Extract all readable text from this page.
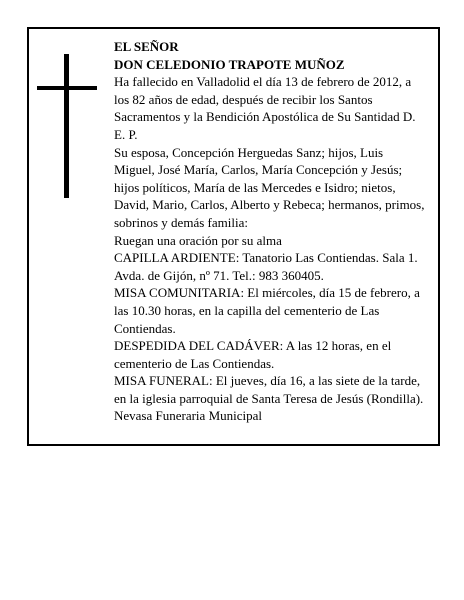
EL SEÑOR

DON CELEDONIO TRAPOTE MUÑOZ

Ha fallecido en Valladolid el día 13 de febrero de 2012, a los 82 años de edad, después de recibir los Santos Sacramentos y la Bendición Apostólica de Su Santidad D. E. P.

Su esposa, Concepción Herguedas Sanz; hijos, Luis Miguel, José María, Carlos, María Concepción y Jesús; hijos políticos, María de las Mercedes e Isidro; nietos, David, Mario, Carlos, Alberto y Rebeca; hermanos, primos, sobrinos y demás familia:

Ruegan una oración por su alma

CAPILLA ARDIENTE: Tanatorio Las Contiendas. Sala 1. Avda. de Gijón, nº 71. Tel.: 983 360405.

MISA COMUNITARIA: El miércoles, día 15 de febrero, a las 10.30 horas, en la capilla del cementerio de Las Contiendas.

DESPEDIDA DEL CADÁVER: A las 12 horas, en el cementerio de Las Contiendas.

MISA FUNERAL: El jueves, día 16, a las siete de la tarde, en la iglesia parroquial de Santa Teresa de Jesús (Rondilla).

Nevasa Funeraria Municipal
